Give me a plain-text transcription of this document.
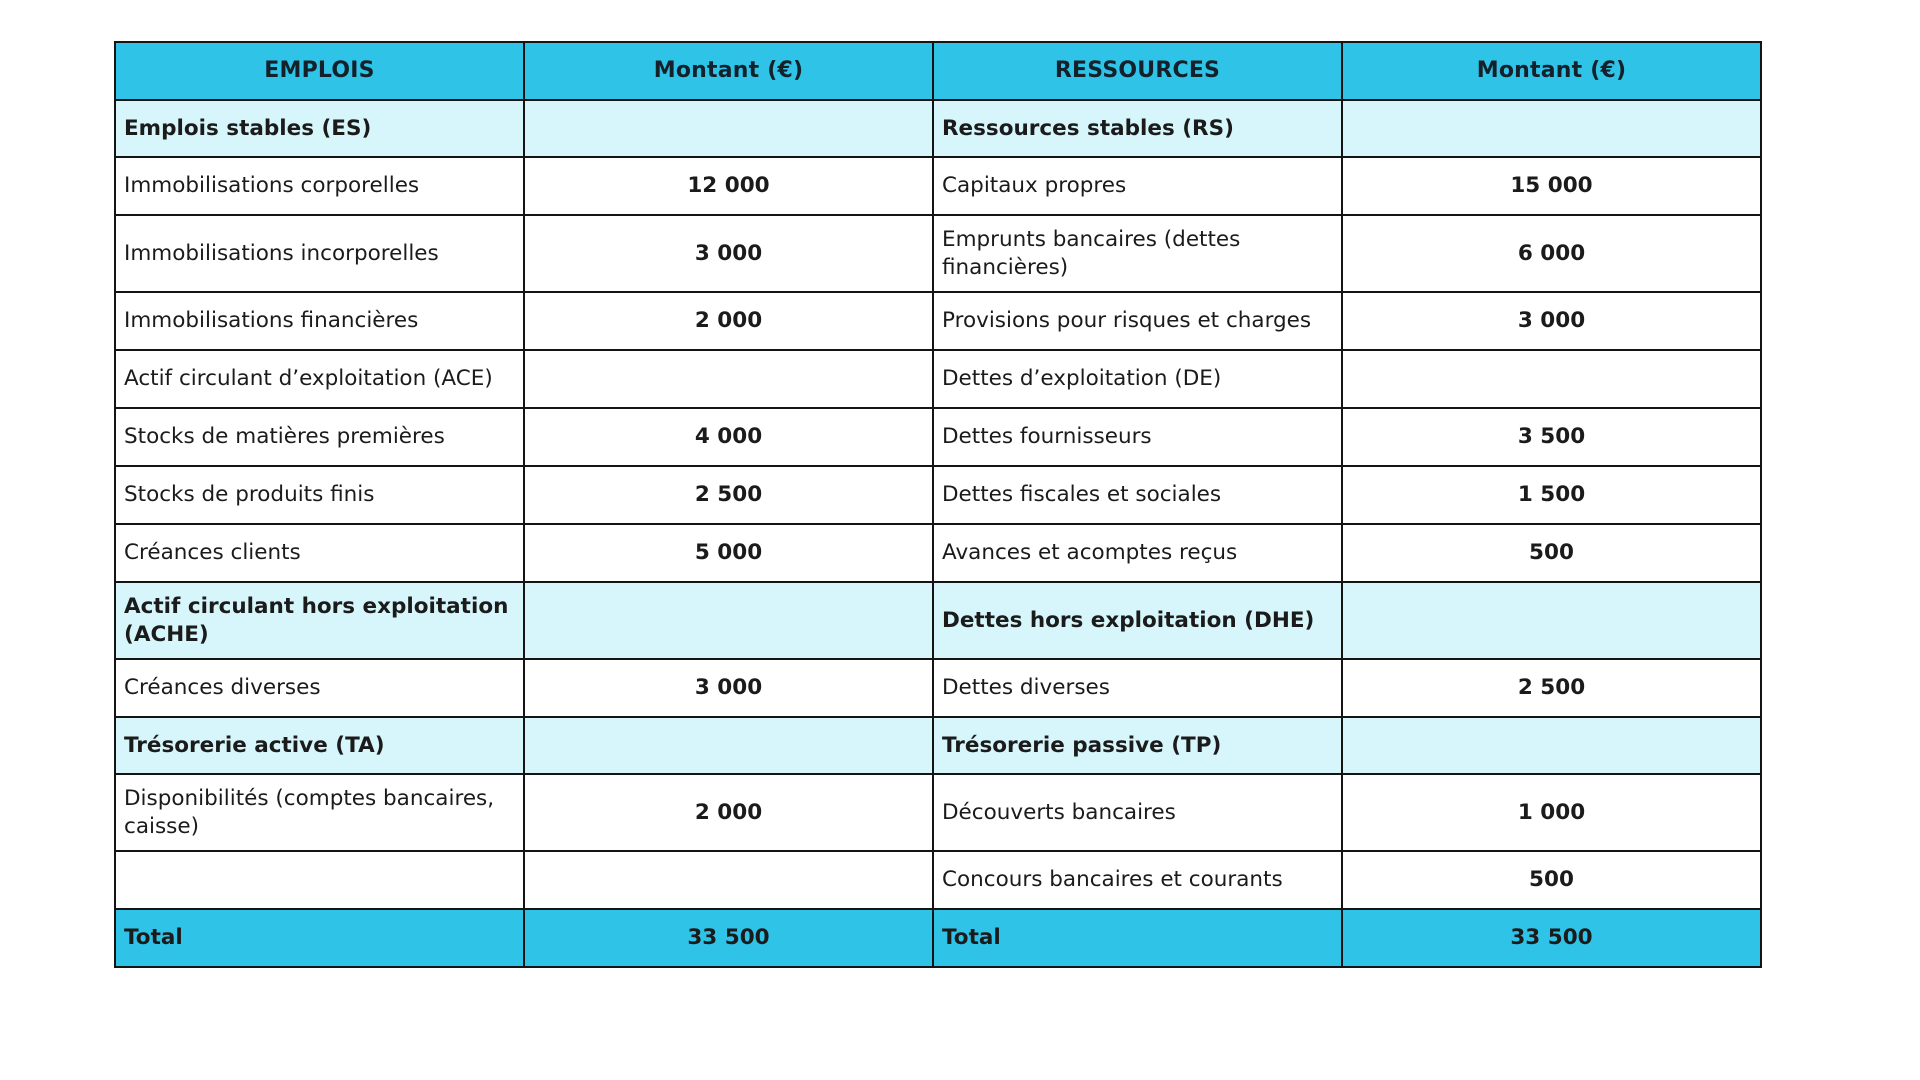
EMPLOIS	Montant (€)	RESSOURCES	Montant (€)
Emplois stables (ES)		Ressources stables (RS)	
Immobilisations corporelles	12 000	Capitaux propres	15 000
Immobilisations incorporelles	3 000	Emprunts bancaires (dettes financières)	6 000
Immobilisations financières	2 000	Provisions pour risques et charges	3 000
Actif circulant d’exploitation (ACE)		Dettes d’exploitation (DE)	
Stocks de matières premières	4 000	Dettes fournisseurs	3 500
Stocks de produits finis	2 500	Dettes fiscales et sociales	1 500
Créances clients	5 000	Avances et acomptes reçus	500
Actif circulant hors exploitation (ACHE)		Dettes hors exploitation (DHE)	
Créances diverses	3 000	Dettes diverses	2 500
Trésorerie active (TA)		Trésorerie passive (TP)	
Disponibilités (comptes bancaires, caisse)	2 000	Découverts bancaires	1 000
		Concours bancaires et courants	500
Total	33 500	Total	33 500
